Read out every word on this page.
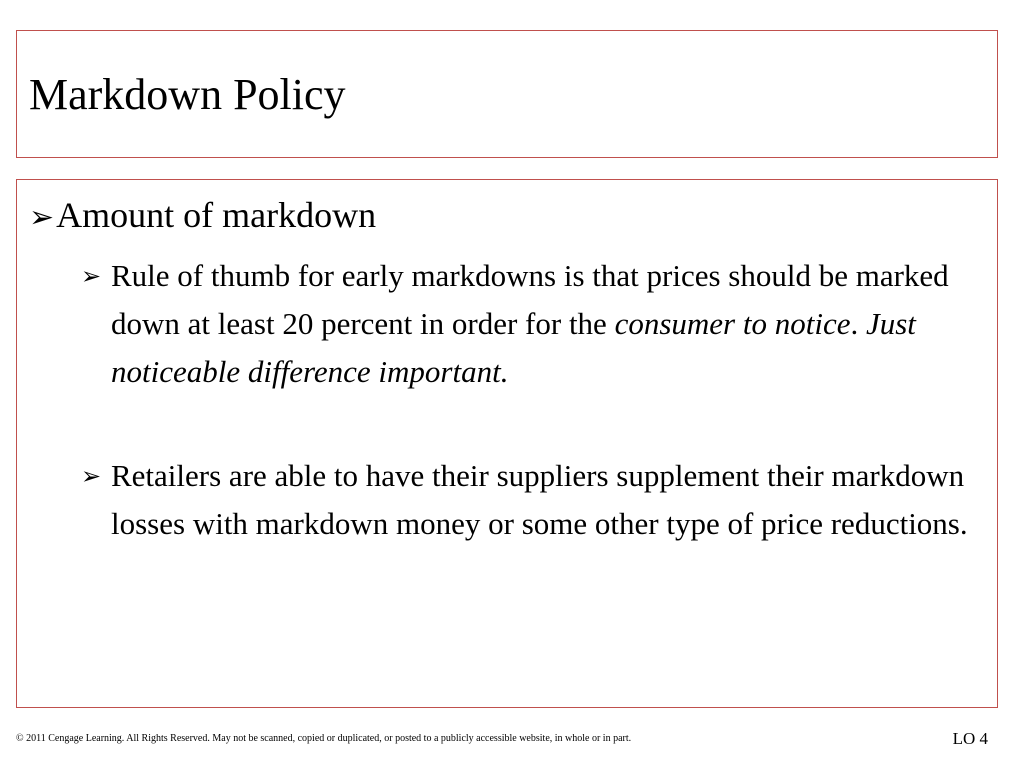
Markdown Policy
➢Amount of markdown
➢ Rule of thumb for early markdowns is that prices should be marked down at least 20 percent in order for the consumer to notice. Just noticeable difference important.
➢ Retailers are able to have their suppliers supplement their markdown losses with markdown money or some other type of price reductions.
© 2011 Cengage Learning. All Rights Reserved. May not be scanned, copied or duplicated, or posted to a publicly accessible website, in whole or in part.	LO 4
